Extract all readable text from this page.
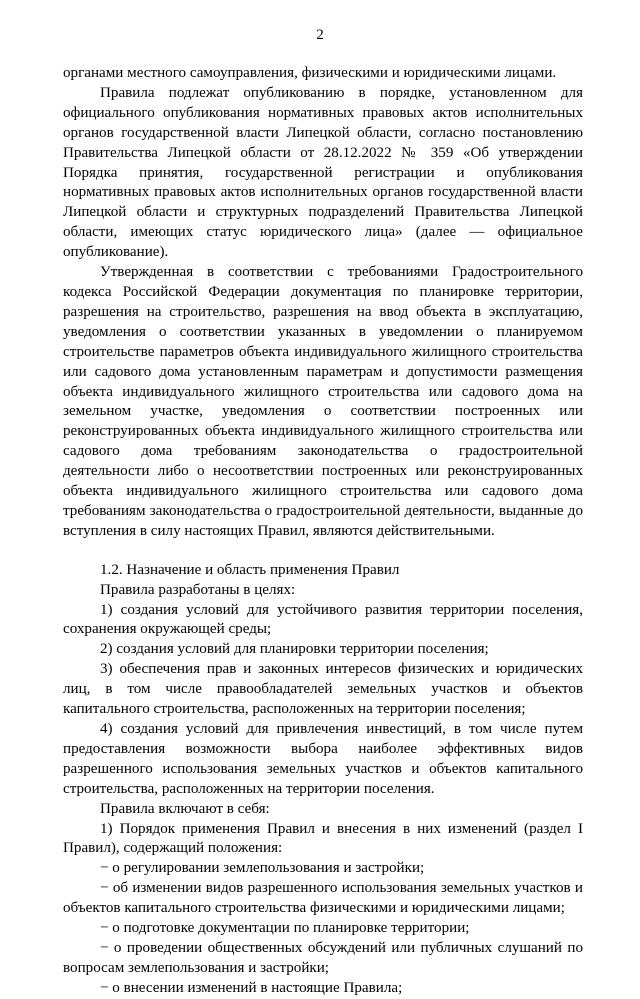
2

органами местного самоуправления, физическими и юридическими лицами.

Правила подлежат опубликованию в порядке, установленном для официального опубликования нормативных правовых актов исполнительных органов государственной власти Липецкой области, согласно постановлению Правительства Липецкой области от 28.12.2022 № 359 «Об утверждении Порядка принятия, государственной регистрации и опубликования нормативных правовых актов исполнительных органов государственной власти Липецкой области и структурных подразделений Правительства Липецкой области, имеющих статус юридического лица» (далее — официальное опубликование).

Утвержденная в соответствии с требованиями Градостроительного кодекса Российской Федерации документация по планировке территории, разрешения на строительство, разрешения на ввод объекта в эксплуатацию, уведомления о соответствии указанных в уведомлении о планируемом строительстве параметров объекта индивидуального жилищного строительства или садового дома установленным параметрам и допустимости размещения объекта индивидуального жилищного строительства или садового дома на земельном участке, уведомления о соответствии построенных или реконструированных объекта индивидуального жилищного строительства или садового дома требованиям законодательства о градостроительной деятельности либо о несоответствии построенных или реконструированных объекта индивидуального жилищного строительства или садового дома требованиям законодательства о градостроительной деятельности, выданные до вступления в силу настоящих Правил, являются действительными.

1.2. Назначение и область применения Правил

Правила разработаны в целях:

1) создания условий для устойчивого развития территории поселения, сохранения окружающей среды;

2) создания условий для планировки территории поселения;

3) обеспечения прав и законных интересов физических и юридических лиц, в том числе правообладателей земельных участков и объектов капитального строительства, расположенных на территории поселения;

4) создания условий для привлечения инвестиций, в том числе путем предоставления возможности выбора наиболее эффективных видов разрешенного использования земельных участков и объектов капитального строительства, расположенных на территории поселения.

Правила включают в себя:

1) Порядок применения Правил и внесения в них изменений (раздел I Правил), содержащий положения:

− о регулировании землепользования и застройки;

− об изменении видов разрешенного использования земельных участков и объектов капитального строительства физическими и юридическими лицами;

− о подготовке документации по планировке территории;

− о проведении общественных обсуждений или публичных слушаний по вопросам землепользования и застройки;

− о внесении изменений в настоящие Правила;
